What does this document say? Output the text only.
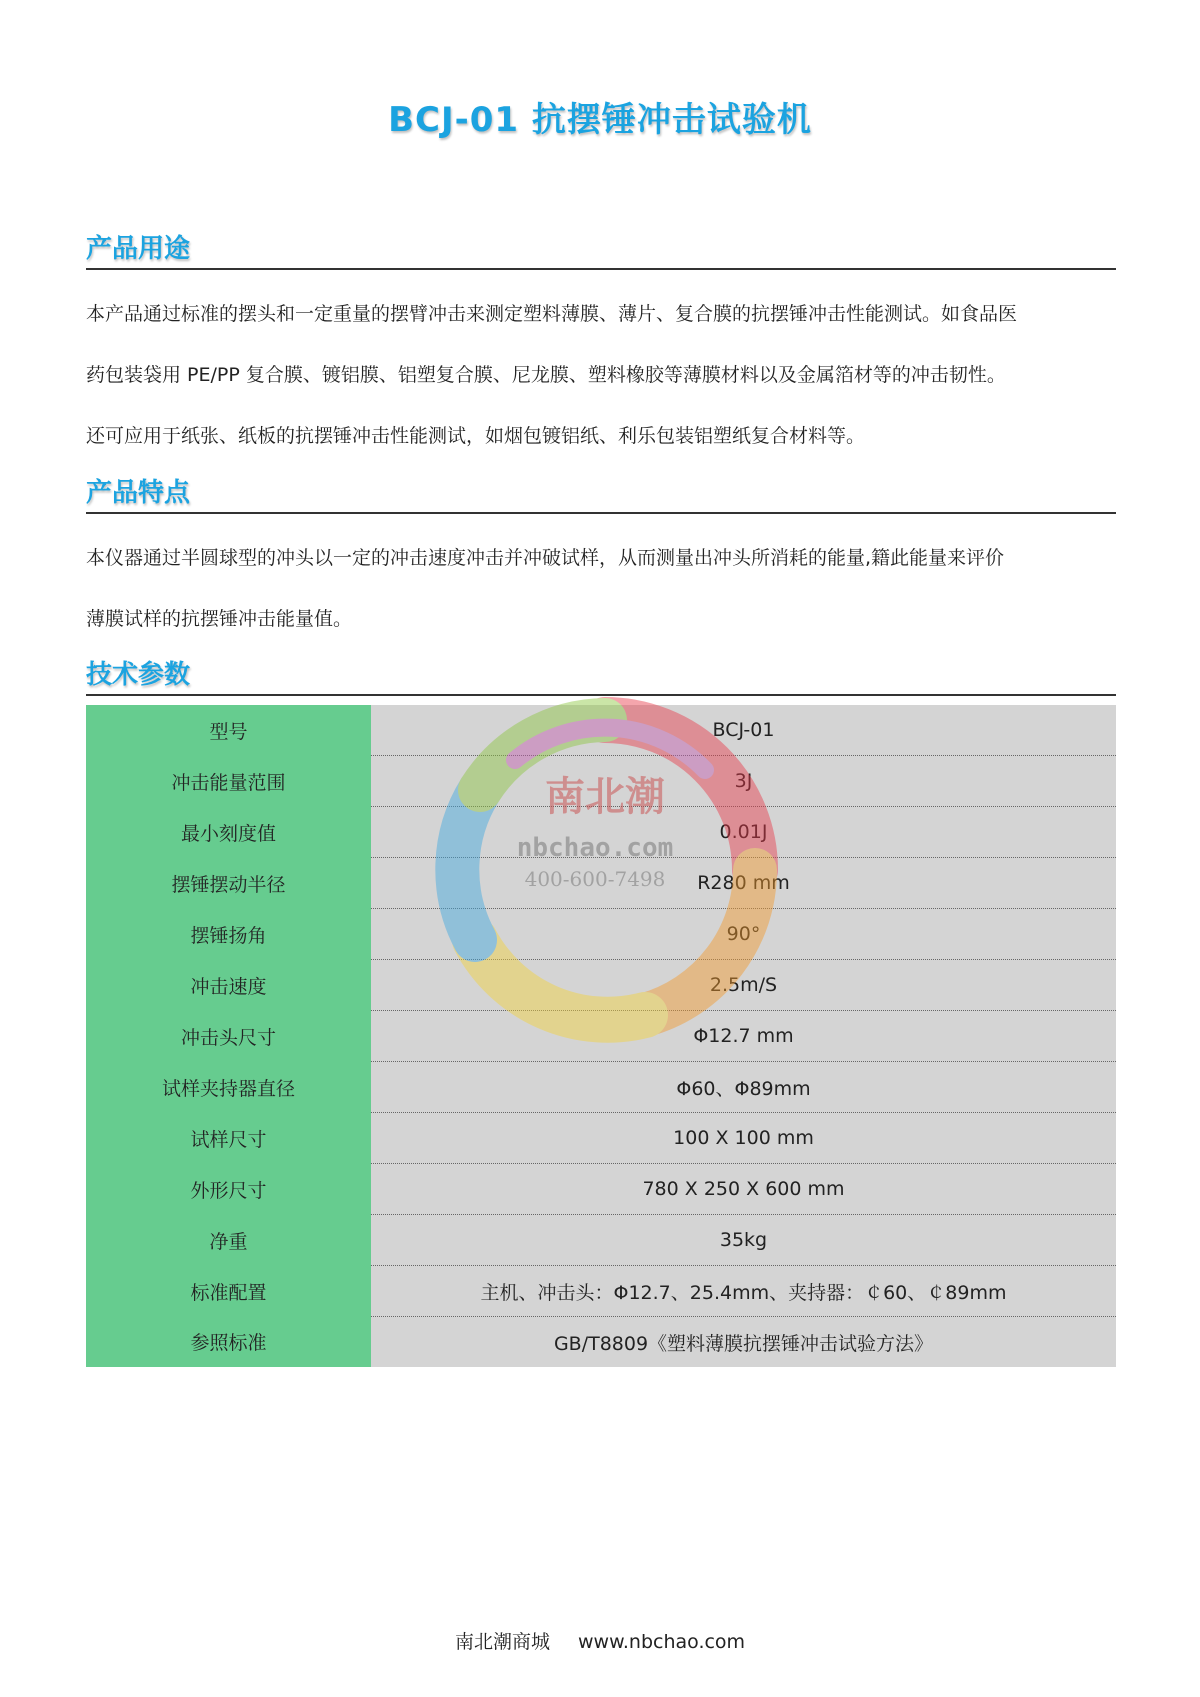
BCJ-01 抗摆锤冲击试验机
产品用途
本产品通过标准的摆头和一定重量的摆臂冲击来测定塑料薄膜、薄片、复合膜的抗摆锤冲击性能测试。如食品医
药包装袋用 PE/PP 复合膜、镀铝膜、铝塑复合膜、尼龙膜、塑料橡胶等薄膜材料以及金属箔材等的冲击韧性。
还可应用于纸张、纸板的抗摆锤冲击性能测试，如烟包镀铝纸、利乐包装铝塑纸复合材料等。
产品特点
本仪器通过半圆球型的冲头以一定的冲击速度冲击并冲破试样，从而测量出冲头所消耗的能量,籍此能量来评价
薄膜试样的抗摆锤冲击能量值。
技术参数
型号	BCJ-01
冲击能量范围	3J
最小刻度值	0.01J
摆锤摆动半径	R280 mm
摆锤扬角	90°
冲击速度	2.5m/S
冲击头尺寸	Φ12.7 mm
试样夹持器直径	Φ60、Φ89mm
试样尺寸	100 X 100 mm
外形尺寸	780 X 250 X 600 mm
净重	35kg
标准配置	主机、冲击头：Φ12.7、25.4mm、夹持器：￠60、￠89mm
参照标准	GB/T8809《塑料薄膜抗摆锤冲击试验方法》
南北潮
nbchao.com
400-600-7498
南北潮商城 www.nbchao.com
